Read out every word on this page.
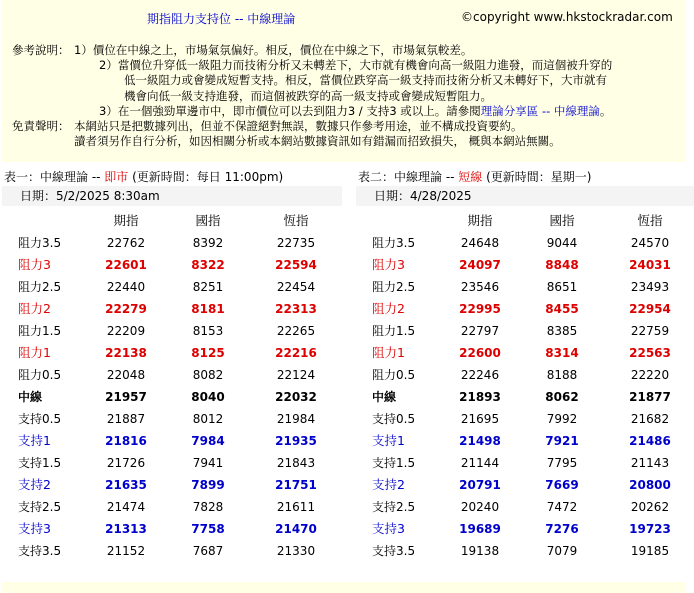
期指阻力支持位 -- 中線理論	©copyright www.hkstockradar.com
參考說明： 1）價位在中線之上，市場氣氛偏好。相反，價位在中線之下，市場氣氛較差。
2）當價位升穿低一級阻力而技術分析又未轉差下，大市就有機會向高一級阻力進發，而這個被升穿的
低一級阻力或會變成短暫支持。相反，當價位跌穿高一級支持而技術分析又未轉好下，大市就有
機會向低一級支持進發，而這個被跌穿的高一級支持或會變成短暫阻力。
3）在一個強勁單邊市中，即市價位可以去到阻力3 / 支持3 或以上。請參閱理論分享區 -- 中線理論。
免責聲明： 本網站只是把數據列出，但並不保證絕對無誤，數據只作參考用途，並不構成投資要約。
讀者須另作自行分析，如因相關分析或本網站數據資訊如有錯漏而招致損失， 概與本網站無關。
表一：中線理論 -- 即市 (更新時間：每日 11:00pm)
日期：5/2/2025 8:30am
期指	國指	恆指
阻力3.5	22762	8392	22735
阻力3	22601	8322	22594
阻力2.5	22440	8251	22454
阻力2	22279	8181	22313
阻力1.5	22209	8153	22265
阻力1	22138	8125	22216
阻力0.5	22048	8082	22124
中線	21957	8040	22032
支持0.5	21887	8012	21984
支持1	21816	7984	21935
支持1.5	21726	7941	21843
支持2	21635	7899	21751
支持2.5	21474	7828	21611
支持3	21313	7758	21470
支持3.5	21152	7687	21330
表二：中線理論 -- 短線 (更新時間：星期一)
日期：4/28/2025
期指	國指	恆指
阻力3.5	24648	9044	24570
阻力3	24097	8848	24031
阻力2.5	23546	8651	23493
阻力2	22995	8455	22954
阻力1.5	22797	8385	22759
阻力1	22600	8314	22563
阻力0.5	22246	8188	22220
中線	21893	8062	21877
支持0.5	21695	7992	21682
支持1	21498	7921	21486
支持1.5	21144	7795	21143
支持2	20791	7669	20800
支持2.5	20240	7472	20262
支持3	19689	7276	19723
支持3.5	19138	7079	19185
